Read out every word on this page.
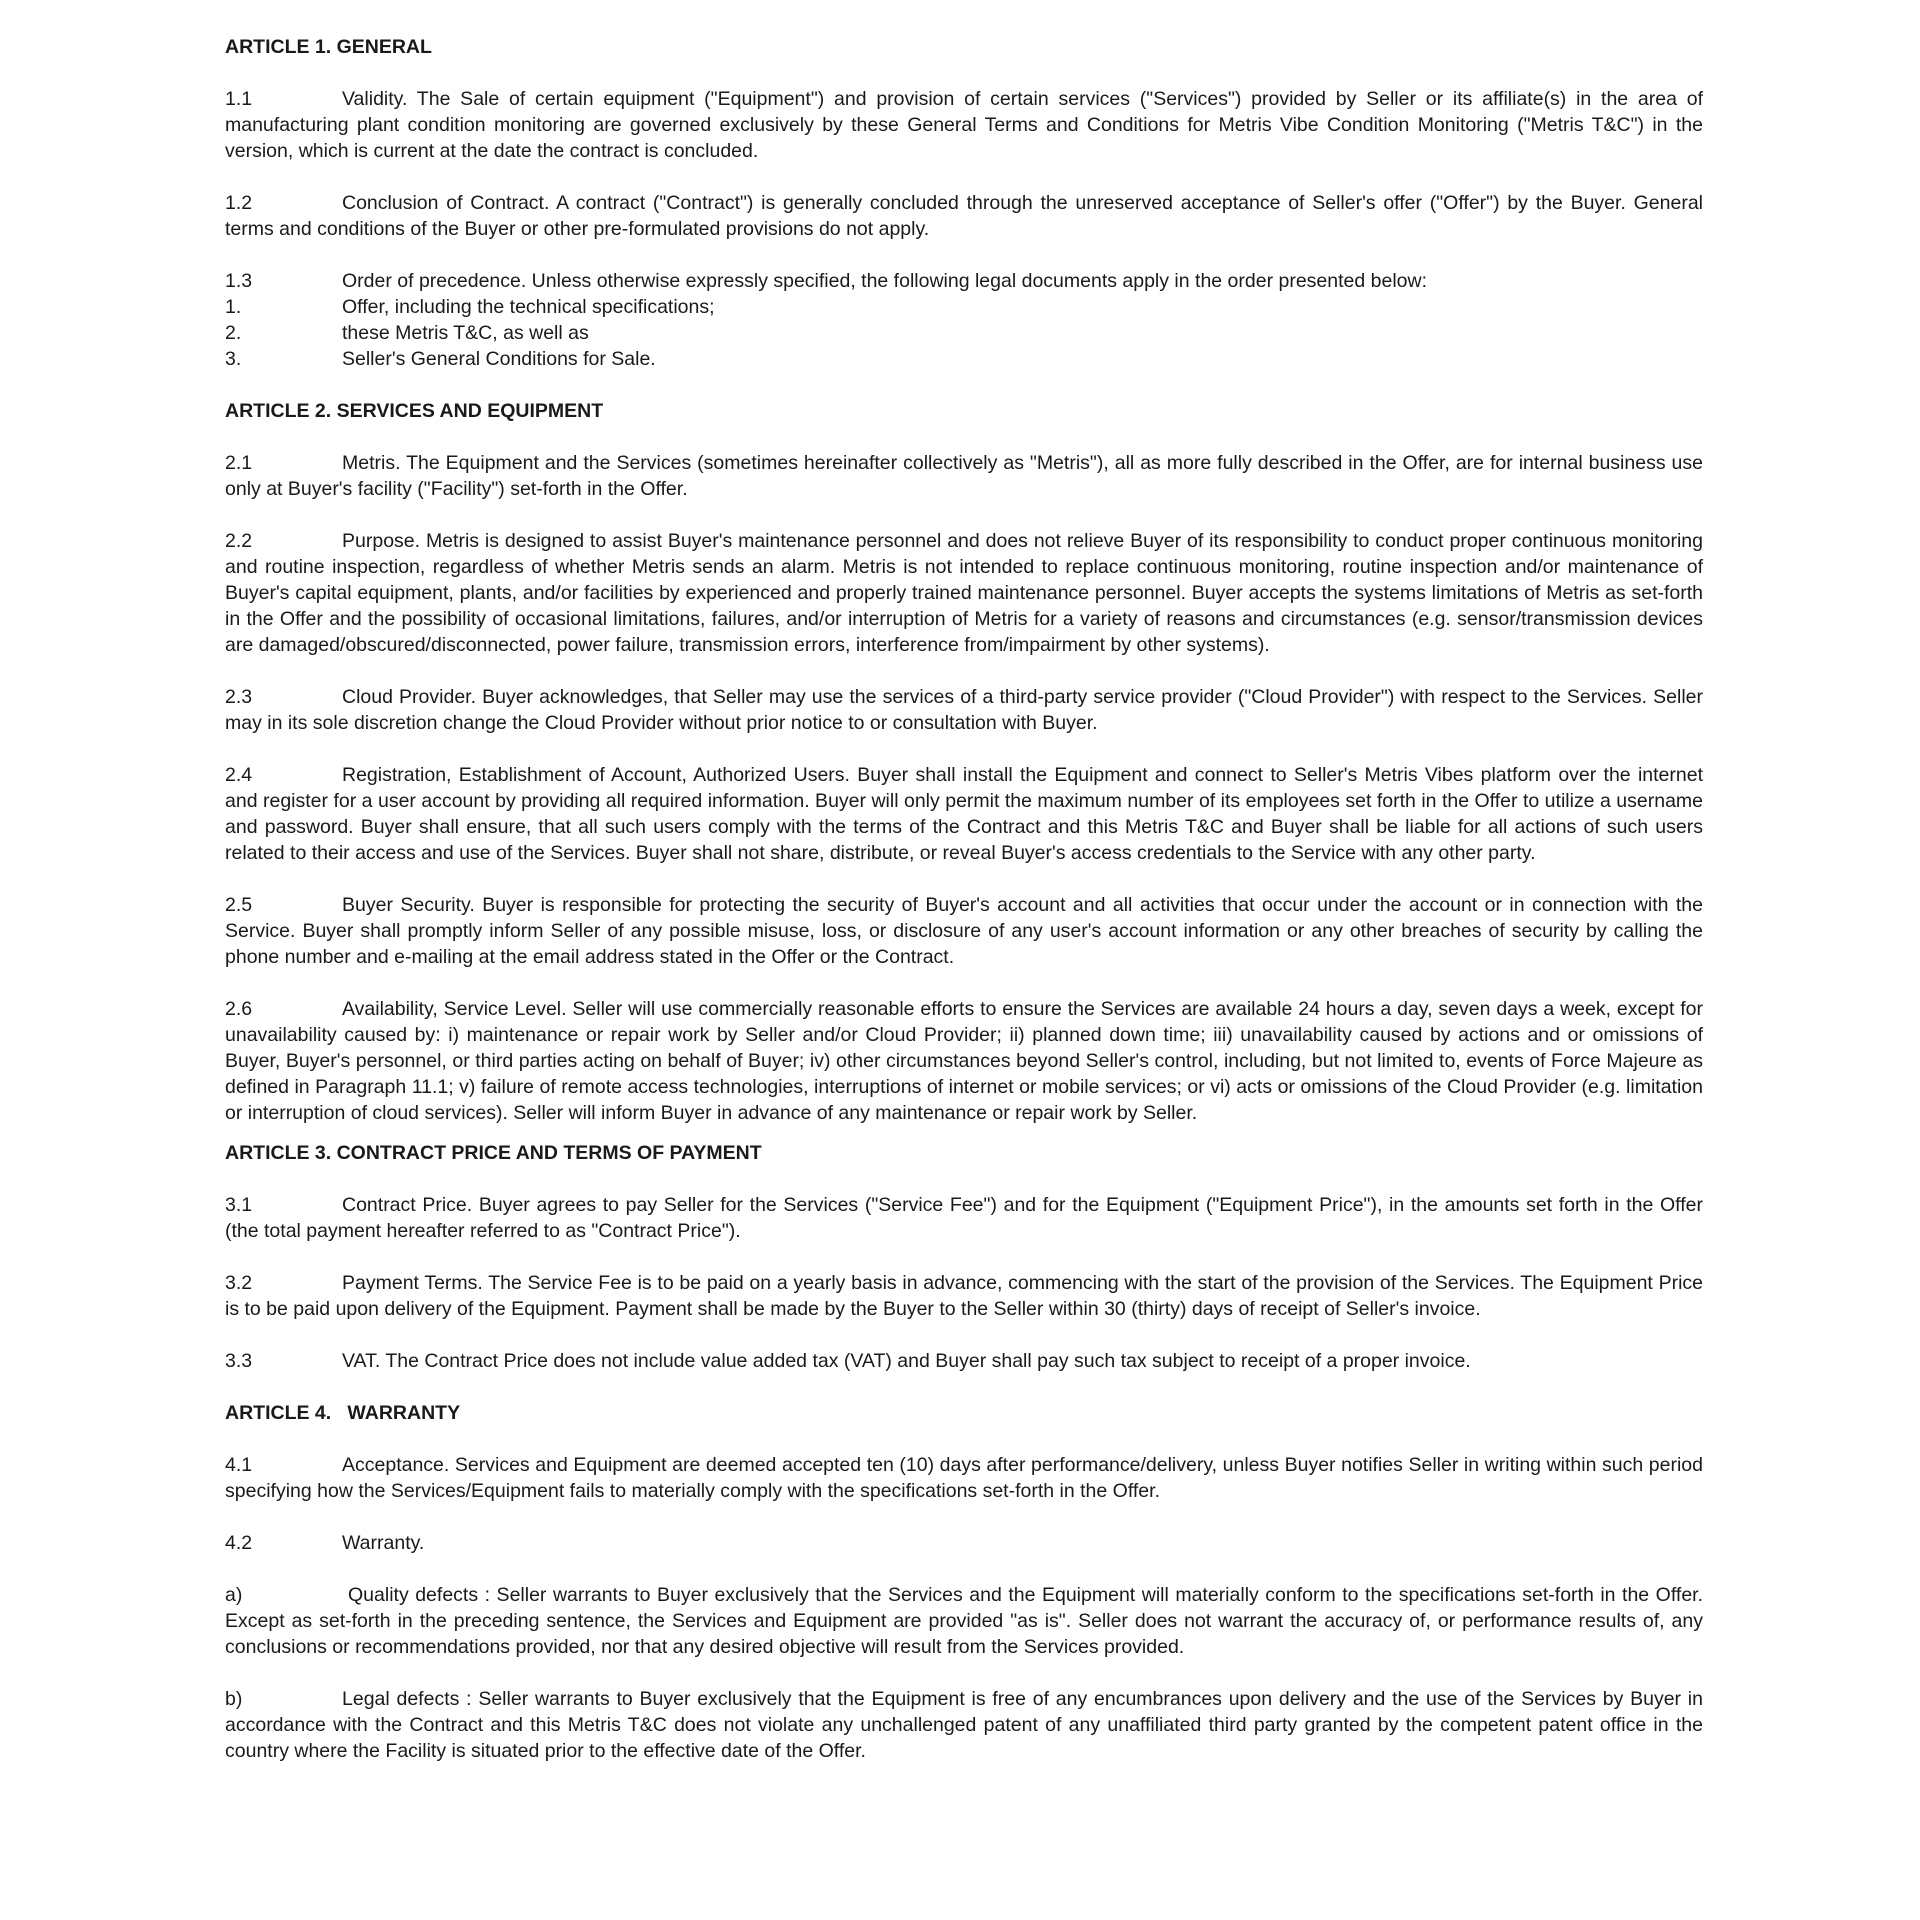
ARTICLE 1. GENERAL
1.1	Validity. The Sale of certain equipment ("Equipment") and provision of certain services ("Services") provided by Seller or its affiliate(s) in the area of manufacturing plant condition monitoring are governed exclusively by these General Terms and Conditions for Metris Vibe Condition Monitoring ("Metris T&C") in the version, which is current at the date the contract is concluded.
1.2	Conclusion of Contract. A contract ("Contract") is generally concluded through the unreserved acceptance of Seller's offer ("Offer") by the Buyer. General terms and conditions of the Buyer or other pre-formulated provisions do not apply.
1.3	Order of precedence. Unless otherwise expressly specified, the following legal documents apply in the order presented below:
1.	Offer, including the technical specifications;
2.	these Metris T&C, as well as
3.	Seller's General Conditions for Sale.
ARTICLE 2. SERVICES AND EQUIPMENT
2.1	Metris. The Equipment and the Services (sometimes hereinafter collectively as "Metris"), all as more fully described in the Offer, are for internal business use only at Buyer's facility ("Facility") set-forth in the Offer.
2.2	Purpose. Metris is designed to assist Buyer's maintenance personnel and does not relieve Buyer of its responsibility to conduct proper continuous monitoring and routine inspection, regardless of whether Metris sends an alarm. Metris is not intended to replace continuous monitoring, routine inspection and/or maintenance of Buyer's capital equipment, plants, and/or facilities by experienced and properly trained maintenance personnel. Buyer accepts the systems limitations of Metris as set-forth in the Offer and the possibility of occasional limitations, failures, and/or interruption of Metris for a variety of reasons and circumstances (e.g. sensor/transmission devices are damaged/obscured/disconnected, power failure, transmission errors, interference from/impairment by other systems).
2.3	Cloud Provider. Buyer acknowledges, that Seller may use the services of a third-party service provider ("Cloud Provider") with respect to the Services. Seller may in its sole discretion change the Cloud Provider without prior notice to or consultation with Buyer.
2.4	Registration, Establishment of Account, Authorized Users. Buyer shall install the Equipment and connect to Seller's Metris Vibes platform over the internet and register for a user account by providing all required information. Buyer will only permit the maximum number of its employees set forth in the Offer to utilize a username and password. Buyer shall ensure, that all such users comply with the terms of the Contract and this Metris T&C and Buyer shall be liable for all actions of such users related to their access and use of the Services. Buyer shall not share, distribute, or reveal Buyer's access credentials to the Service with any other party.
2.5	Buyer Security. Buyer is responsible for protecting the security of Buyer's account and all activities that occur under the account or in connection with the Service. Buyer shall promptly inform Seller of any possible misuse, loss, or disclosure of any user's account information or any other breaches of security by calling the phone number and e-mailing at the email address stated in the Offer or the Contract.
2.6	Availability, Service Level. Seller will use commercially reasonable efforts to ensure the Services are available 24 hours a day, seven days a week, except for unavailability caused by: i) maintenance or repair work by Seller and/or Cloud Provider; ii) planned down time; iii) unavailability caused by actions and or omissions of Buyer, Buyer's personnel, or third parties acting on behalf of Buyer; iv) other circumstances beyond Seller's control, including, but not limited to, events of Force Majeure as defined in Paragraph 11.1; v) failure of remote access technologies, interruptions of internet or mobile services; or vi) acts or omissions of the Cloud Provider (e.g. limitation or interruption of cloud services). Seller will inform Buyer in advance of any maintenance or repair work by Seller.
ARTICLE 3. CONTRACT PRICE AND TERMS OF PAYMENT
3.1	Contract Price. Buyer agrees to pay Seller for the Services ("Service Fee") and for the Equipment ("Equipment Price"), in the amounts set forth in the Offer (the total payment hereafter referred to as "Contract Price").
3.2	Payment Terms. The Service Fee is to be paid on a yearly basis in advance, commencing with the start of the provision of the Services. The Equipment Price is to be paid upon delivery of the Equipment. Payment shall be made by the Buyer to the Seller within 30 (thirty) days of receipt of Seller's invoice.
3.3	VAT. The Contract Price does not include value added tax (VAT) and Buyer shall pay such tax subject to receipt of a proper invoice.
ARTICLE 4.   WARRANTY
4.1	Acceptance. Services and Equipment are deemed accepted ten (10) days after performance/delivery, unless Buyer notifies Seller in writing within such period specifying how the Services/Equipment fails to materially comply with the specifications set-forth in the Offer.
4.2	Warranty.
a)	Quality defects : Seller warrants to Buyer exclusively that the Services and the Equipment will materially conform to the specifications set-forth in the Offer. Except as set-forth in the preceding sentence, the Services and Equipment are provided "as is". Seller does not warrant the accuracy of, or performance results of, any conclusions or recommendations provided, nor that any desired objective will result from the Services provided.
b)	Legal defects : Seller warrants to Buyer exclusively that the Equipment is free of any encumbrances upon delivery and the use of the Services by Buyer in accordance with the Contract and this Metris T&C does not violate any unchallenged patent of any unaffiliated third party granted by the competent patent office in the country where the Facility is situated prior to the effective date of the Offer.
